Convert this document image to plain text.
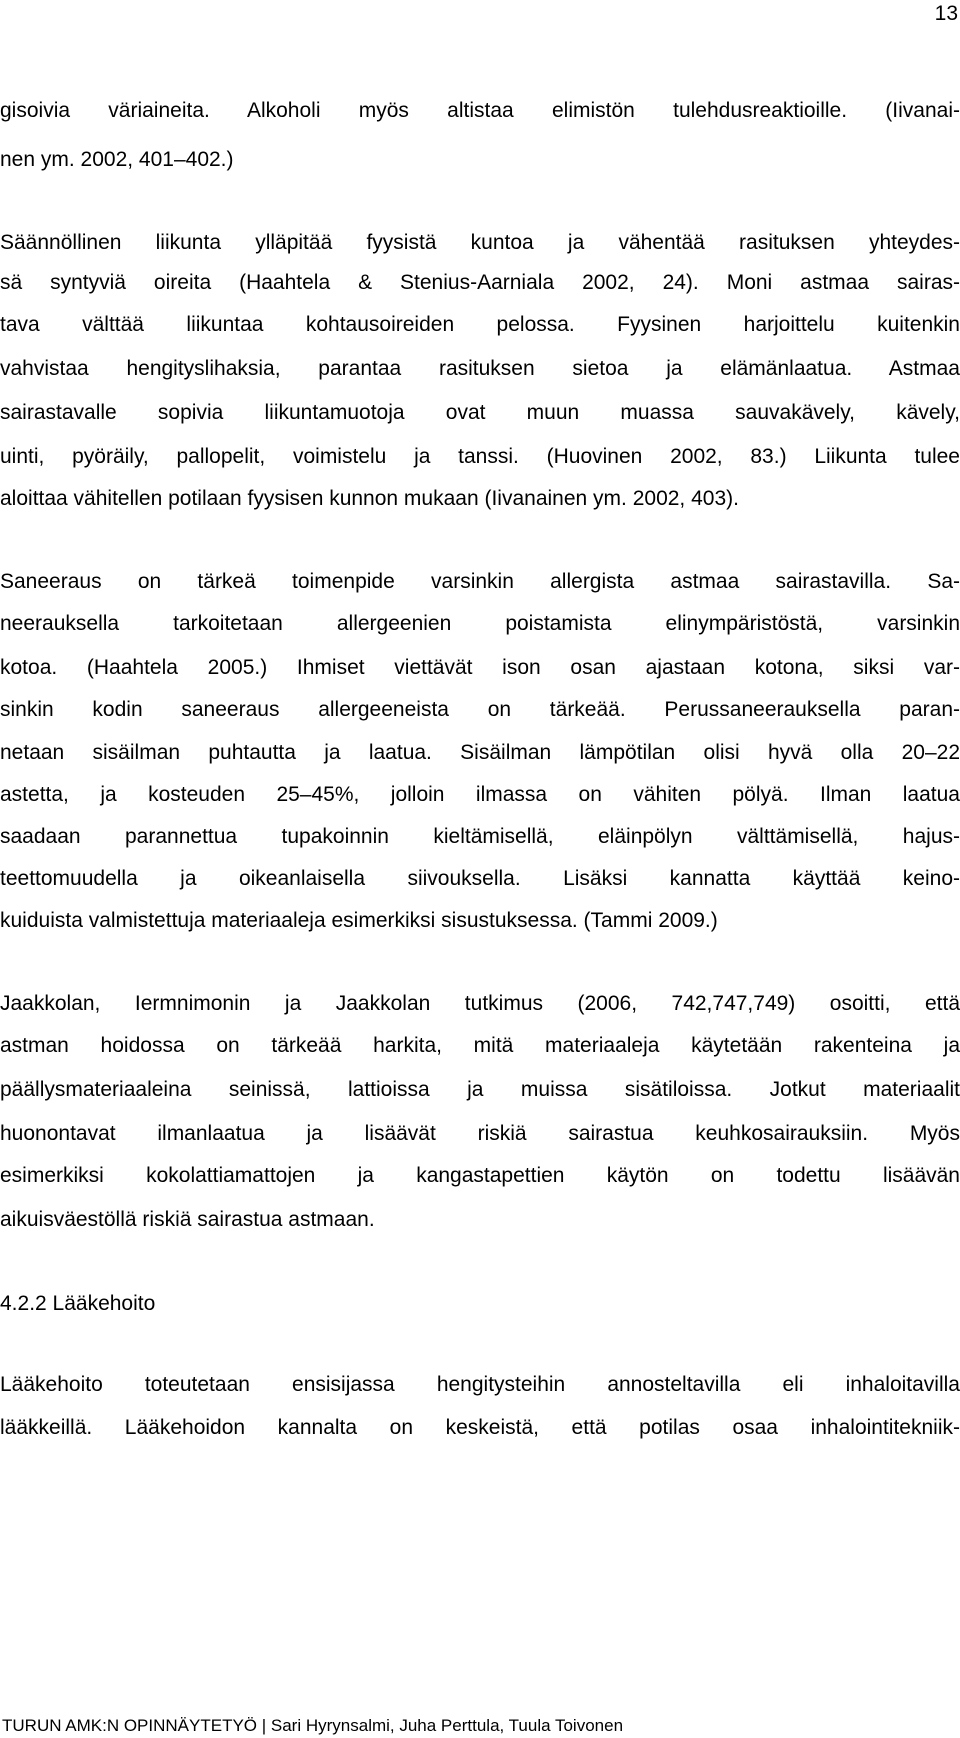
13
gisoivia väriaineita. Alkoholi myös altistaa elimistön tulehdusreaktioille. (Iivanai-
nen ym. 2002, 401–402.)
Säännöllinen liikunta ylläpitää fyysistä kuntoa ja vähentää rasituksen yhteydes-
sä syntyviä oireita (Haahtela & Stenius-Aarniala 2002, 24). Moni astmaa sairas-
tava välttää liikuntaa kohtausoireiden pelossa. Fyysinen harjoittelu kuitenkin
vahvistaa hengityslihaksia, parantaa rasituksen sietoa ja elämänlaatua. Astmaa
sairastavalle sopivia liikuntamuotoja ovat muun muassa sauvakävely, kävely,
uinti, pyöräily, pallopelit, voimistelu ja tanssi. (Huovinen 2002, 83.) Liikunta tulee
aloittaa vähitellen potilaan fyysisen kunnon mukaan (Iivanainen ym. 2002, 403).
Saneeraus on tärkeä toimenpide varsinkin allergista astmaa sairastavilla. Sa-
neerauksella tarkoitetaan allergeenien poistamista elinympäristöstä, varsinkin
kotoa. (Haahtela 2005.) Ihmiset viettävät ison osan ajastaan kotona, siksi var-
sinkin kodin saneeraus allergeeneista on tärkeää. Perussaneerauksella paran-
netaan sisäilman puhtautta ja laatua. Sisäilman lämpötilan olisi hyvä olla 20–22
astetta, ja kosteuden 25–45%, jolloin ilmassa on vähiten pölyä. Ilman laatua
saadaan parannettua tupakoinnin kieltämisellä, eläinpölyn välttämisellä, hajus-
teettomuudella ja oikeanlaisella siivouksella. Lisäksi kannatta käyttää keino-
kuiduista valmistettuja materiaaleja esimerkiksi sisustuksessa. (Tammi 2009.)
Jaakkolan, Iermnimonin ja Jaakkolan tutkimus (2006, 742,747,749) osoitti, että
astman hoidossa on tärkeää harkita, mitä materiaaleja käytetään rakenteina ja
päällysmateriaaleina seinissä, lattioissa ja muissa sisätiloissa. Jotkut materiaalit
huonontavat ilmanlaatua ja lisäävät riskiä sairastua keuhkosairauksiin. Myös
esimerkiksi kokolattiamattojen ja kangastapettien käytön on todettu lisäävän
aikuisväestöllä riskiä sairastua astmaan.
4.2.2 Lääkehoito
Lääkehoito toteutetaan ensisijassa hengitysteihin annosteltavilla eli inhaloitavilla
lääkkeillä. Lääkehoidon kannalta on keskeistä, että potilas osaa inhalointitekniik-
TURUN AMK:N OPINNÄYTETYÖ | Sari Hyrynsalmi, Juha Perttula, Tuula Toivonen
